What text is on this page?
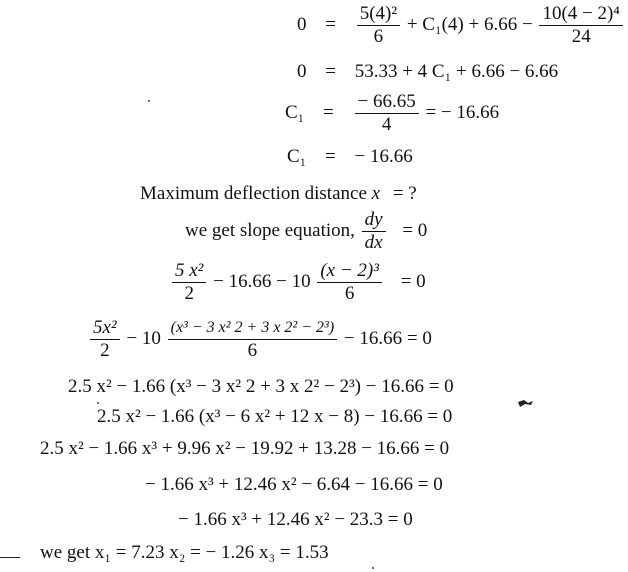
$0 = \frac{\text{5(4)²}}{6} + C_1(4) + 6.66 - \frac{\text{10(4 − 2)⁴}}{24}$
0 = 53.33 + 4 C₁ + 6.66 − 6.66
$C_1 = \frac{- 66.65}{4}$ = − 16.66
C₁ = − 16.66
Maximum deflection distance x = ?
we get slope equation, $\frac{dy}{dx} = 0$
$\frac{\text{5 x²}}{2} - 16.66 - 10 \frac{\text{(x − 2)³}}{6} = 0$
$\frac{\text{5x²}}{2} - 10 \frac{\text{(x³ − 3 x² 2 + 3 x 2² − 2³)}}{6} - 16.66 = 0$
2.5 x² − 1.66 (x³ − 3 x² 2 + 3 x 2² − 2³) − 16.66 = 0
2.5 x² − 1.66 (x³ − 6 x² + 12 x − 8) − 16.66 = 0
2.5 x² − 1.66 x³ + 9.96 x² − 19.92 + 13.28 − 16.66 = 0
− 1.66 x³ + 12.46 x² − 6.64 − 16.66 = 0
− 1.66 x³ + 12.46 x² − 23.3 = 0
we get x₁ = 7.23 x₂ = − 1.26 x₃ = 1.53
